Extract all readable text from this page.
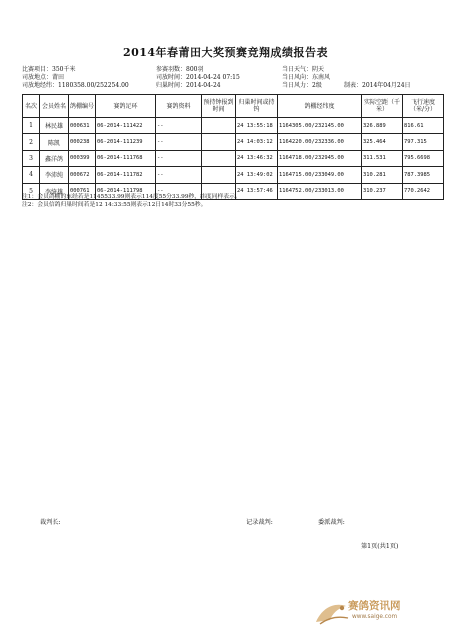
2014年春莆田大奖预赛竞翔成绩报告表
比赛项目：350千米	参赛羽数：800羽	当日天气：阴天
司放地点：莆田	司放时间：2014-04-24 07:15	当日风向：东南风
司放地经纬：1180358.00/252254.00	归巢时间：2014-04-24	当日风力：2级	制表：2014年04月24日
名次	会员姓名	鸽棚编号	赛鸽足环	赛鸽资料	预持钟报到时间	归巢时间或持钨	鸽棚经纬度	实际空距（千米）	飞行速度（米/分）
1	林民雄	000631	06-2014-111422	--		24 13:55:18	1164305.00/232145.00	326.889	816.61
2	陈凯	000238	06-2014-111239	--		24 14:03:12	1164220.00/232336.00	325.464	797.315
3	鑫洋鸽	000399	06-2014-111768	--		24 13:46:32	1164718.00/232945.00	311.531	795.6698
4	李沛纯	000672	06-2014-111782	--		24 13:49:02	1164715.00/233049.00	310.281	787.3985
5	李绮雄	000761	06-2014-111798	--		24 13:57:46	1164752.00/233013.00	310.237	770.2642
注1：会员鸽棚的东经若是1145533.99则表示114度55分33.99秒，纬度同样表示。
注2：会员信鸽归巢时间若是12 14:33:55则表示12日14时33分55秒。
裁判长:	记录裁判:	委派裁判:
第1页(共1页)
赛鸽资讯网
www.saige.com
